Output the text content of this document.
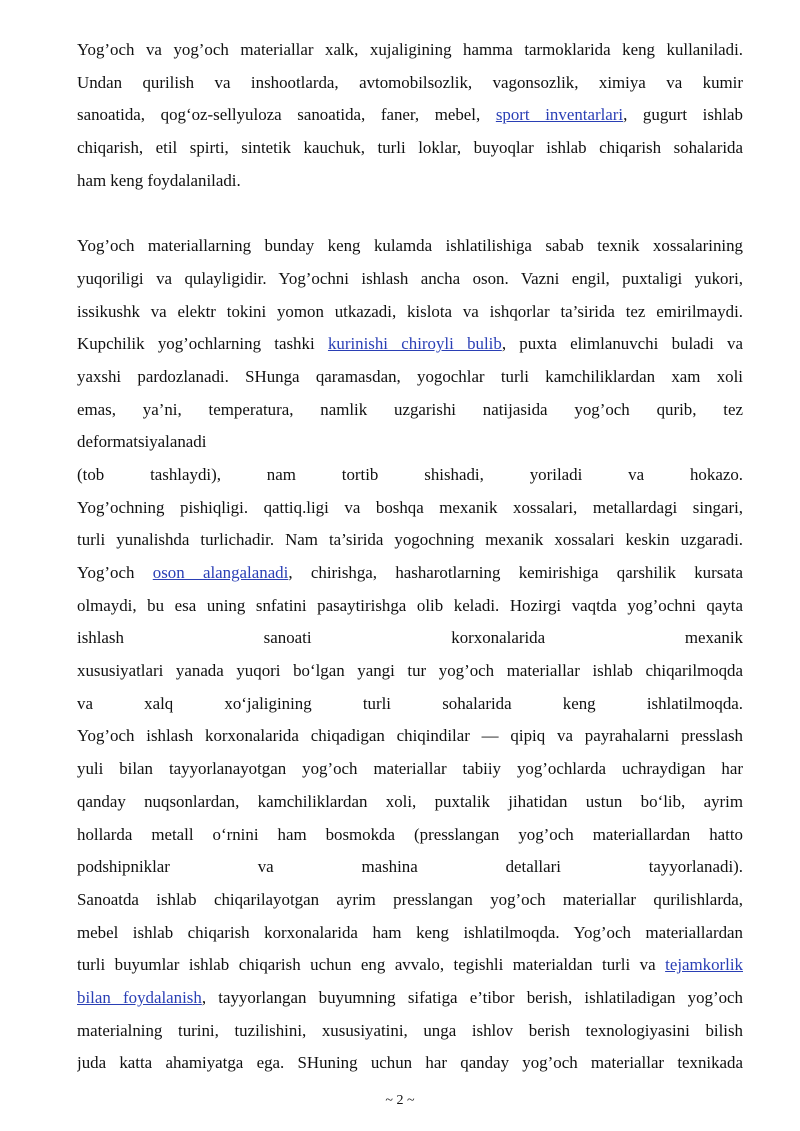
Yog’och va yog’och materiallar xalk, xujaligining hamma tarmoklarida keng kullaniladi.
Undan qurilish va inshootlarda, avtomobilsozlik, vagonsozlik, ximiya va kumir
sanoatida, qog‘oz-sellyuloza sanoatida, faner, mebel, sport inventarlari, gugurt ishlab
chiqarish, etil spirti, sintetik kauchuk, turli loklar, buyoqlar ishlab chiqarish sohalarida
ham keng foydalaniladi.
Yog’och materiallarning bunday keng kulamda ishlatilishiga sabab texnik xossalarining
yuqoriligi va qulayligidir. Yog’ochni ishlash ancha oson. Vazni engil, puxtaligi yukori,
issikushk va elektr tokini yomon utkazadi, kislota va ishqorlar ta’sirida tez emirilmaydi.
Kupchilik yog’ochlarning tashki kurinishi chiroyli bulib, puxta elimlanuvchi buladi va
yaxshi pardozlanadi. SHunga qaramasdan, yogochlar turli kamchiliklardan xam xoli
emas, ya’ni, temperatura, namlik uzgarishi natijasida yog’och qurib, tez
deformatsiyalanadi
(tob tashlaydi), nam tortib shishadi, yoriladi va hokazo.
Yog’ochning pishiqligi. qattiq.ligi va boshqa mexanik xossalari, metallardagi singari,
turli yunalishda turlichadir. Nam ta’sirida yogochning mexanik xossalari keskin uzgaradi.
Yog’och oson alangalanadi, chirishga, hasharotlarning kemirishiga qarshilik kursata
olmaydi, bu esa uning snfatini pasaytirishga olib keladi. Hozirgi vaqtda yog’ochni qayta
ishlash sanoati korxonalarida mexanik
xususiyatlari yanada yuqori bo‘lgan yangi tur yog’och materiallar ishlab chiqarilmoqda
va xalq xo‘jaligining turli sohalarida keng ishlatilmoqda.
Yog’och ishlash korxonalarida chiqadigan chiqindilar — qipiq va payrahalarni presslash
yuli bilan tayyorlanayotgan yog’och materiallar tabiiy yog’ochlarda uchraydigan har
qanday nuqsonlardan, kamchiliklardan xoli, puxtalik jihatidan ustun bo‘lib, ayrim
hollarda metall o‘rnini ham bosmokda (presslangan yog’och materiallardan hatto
podshipniklar va mashina detallari tayyorlanadi).
Sanoatda ishlab chiqarilayotgan ayrim presslangan yog’och materiallar qurilishlarda,
mebel ishlab chiqarish korxonalarida ham keng ishlatilmoqda. Yog’och materiallardan
turli buyumlar ishlab chiqarish uchun eng avvalo, tegishli materialdan turli va tejamkorlik
bilan foydalanish, tayyorlangan buyumning sifatiga e’tibor berish, ishlatiladigan yog’och
materialning turini, tuzilishini, xususiyatini, unga ishlov berish texnologiyasini bilish
juda katta ahamiyatga ega. SHuning uchun har qanday yog’och materiallar texnikada
~ 2 ~
